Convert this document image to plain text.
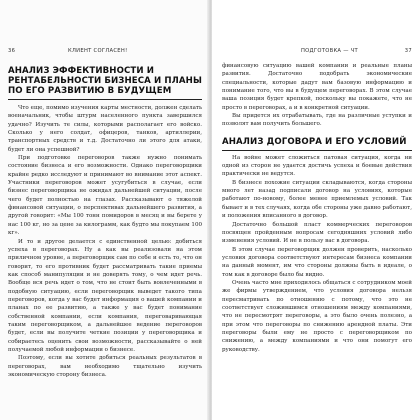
36	КЛИЕНТ СОГЛАСЕН!
АНАЛИЗ ЭФФЕКТИВНОСТИ И РЕНТАБЕЛЬНОСТИ БИЗНЕСА И ПЛАНЫ ПО ЕГО РАЗВИТИЮ В БУДУЩЕМ

Что еще, помимо изучения карты местности, должен сделать военачальник, чтобы штурм населенного пункта завершился удачно? Изучить те силы, которыми располагает его войско. Сколько у него солдат, офицеров, танков, артиллерии, транспортных средств и т.д. Достаточно ли этого для атаки, будет ли она успешной?

При подготовке переговоров также нужно понимать состояние бизнеса и его возможности. Однако переговорщики крайне редко исследуют и принимают во внимание этот аспект. Участники переговоров может усугубиться в случае, если бизнес переговорщика не ожидал дальнейшей ситуации, после чего будет полностью на глазах. Рассказывают о тяжелой финансовой ситуации, о перспективах дальнейшего развития, а другой говорит: «Мы 100 тонн помидоров в месяц и вы берете у нас 100 кг, но за цене за килограмм, как будто мы покупаем 100 кг».

И то и другое делается с единственной целью: добиться успеха в переговорах. Ну а как вы реализовали на этом приличном уровне, а переговорщик сам по себе и есть то, что он говорит, то его противник будет рассматривать такие приемы как способ манипуляции и не доверять тому, о чем идет речь. Вообще вся речь идет о том, что не стоит быть вовлеченными в подобную ситуацию, если переговорщик выведет такого типа переговоров, когда у вас будет информация о вашей компании и планах по ее развитию, а также у вас будет понимание собственной компании, если компания, переговаривающая таким переговорщиком, а дальнейшее ведение переговоров будет, если вы получите четкие позиции у переговорщика и собираетесь оценить свои возможности, рассказывайте о ней получаемой любой информации о бизнесе.

Поэтому, если вы хотите добиться реальных результатов в переговорах, вам необходимо тщательно изучить экономическую сторону бизнеса.

ПОДГОТОВКА — ЧТ	37

финансовую ситуацию вашей компании и реальные планы развития. Достаточно подобрать экономические специальности, которые дадут вам базовую информацию и понимание того, что вы в будущем переговорах. В этом случае ваша позиция будет крепкой, поскольку вы покажете, что не просто в переговорах, а и в конкретной ситуации.

Вы придется их отрабатывать, где на различные уступки и позволят вам получить большего.

АНАЛИЗ ДОГОВОРА И ЕГО УСЛОВИЙ

На войне может сложиться патовая ситуация, когда ни одной из сторон не удается достичь успеха и боевые действия практически не ведутся.

В бизнесе похожие ситуации складываются, когда стороны много лет назад подписали договор на условиях, которые работают по-новому, более менее приемлемых условий. Так бывает и в тех случаях, когда обе стороны уже давно работают, и положения вписанного в договор.

Достаточно большой пласт коммерческих переговоров посвящен пройденным вопросам сегодняшних условий либо изменения условий. И не в пользу вас в договора.

В этом случае переговорщик должен проверить, насколько условия договора соответствуют интересам бизнеса компании на данный момент, им что стороны должны быть в идеале, о том как в договоре было бы видно.

Очень часто мне приходилось общаться с сотрудником моей же фирмы утверждением, что условия договора нельзя пересматривать по отношению с потому, что это не соответствует сложившимся отношениям между компаниями, что не пересмотрят переговоры, а это было очень полезно, а при этом что переговоры по снижению арендной платы. Эти переговоры были ему не просто с переговорщиком по снижению, а между компаниями и что они помогут его руководству.
